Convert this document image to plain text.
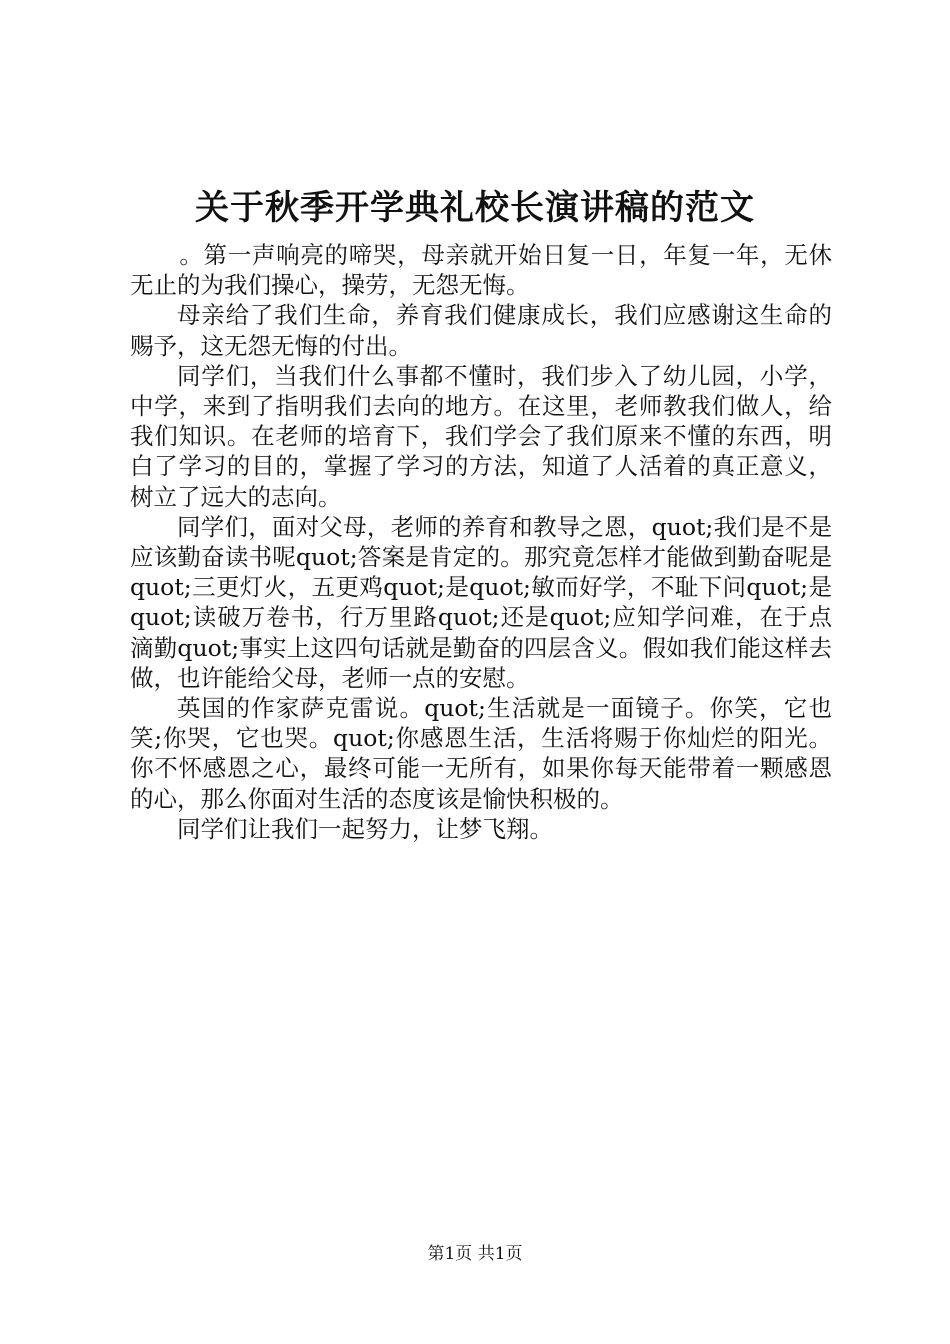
关于秋季开学典礼校长演讲稿的范文

。第一声响亮的啼哭，母亲就开始日复一日，年复一年，无休无止的为我们操心，操劳，无怨无悔。

母亲给了我们生命，养育我们健康成长，我们应感谢这生命的赐予，这无怨无悔的付出。

同学们，当我们什么事都不懂时，我们步入了幼儿园，小学，中学，来到了指明我们去向的地方。在这里，老师教我们做人，给我们知识。在老师的培育下，我们学会了我们原来不懂的东西，明白了学习的目的，掌握了学习的方法，知道了人活着的真正意义，树立了远大的志向。

同学们，面对父母，老师的养育和教导之恩，quot;我们是不是应该勤奋读书呢quot;答案是肯定的。那究竟怎样才能做到勤奋呢是quot;三更灯火，五更鸡quot;是quot;敏而好学，不耻下问quot;是quot;读破万卷书，行万里路quot;还是quot;应知学问难，在于点滴勤quot;事实上这四句话就是勤奋的四层含义。假如我们能这样去做，也许能给父母，老师一点的安慰。

英国的作家萨克雷说。quot;生活就是一面镜子。你笑，它也笑;你哭，它也哭。quot;你感恩生活，生活将赐于你灿烂的阳光。你不怀感恩之心，最终可能一无所有，如果你每天能带着一颗感恩的心，那么你面对生活的态度该是愉快积极的。

同学们让我们一起努力，让梦飞翔。

第1页 共1页
